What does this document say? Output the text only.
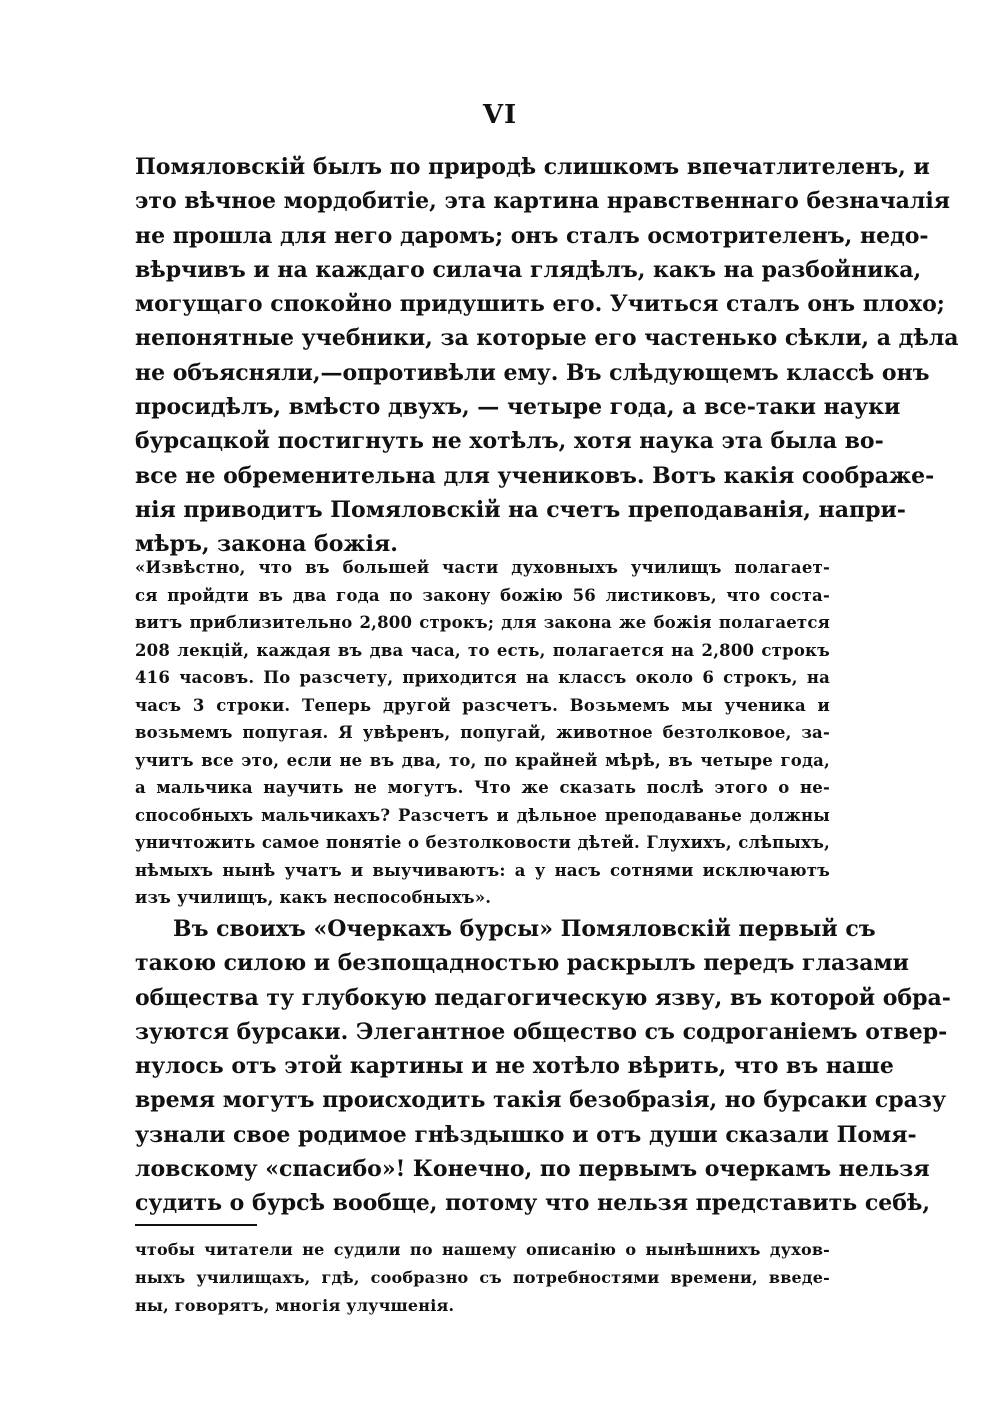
VI
Помяловскій былъ по природѣ слишкомъ впечатлителенъ, и
это вѣчное мордобитіе, эта картина нравственнаго безначалія
не прошла для него даромъ; онъ сталъ осмотрителенъ, недо-
вѣрчивъ и на каждаго силача глядѣлъ, какъ на разбойника,
могущаго спокойно придушить его. Учиться сталъ онъ плохо;
непонятные учебники, за которые его частенько сѣкли, а дѣла
не объясняли,—опротивѣли ему. Въ слѣдующемъ классѣ онъ
просидѣлъ, вмѣсто двухъ, — четыре года, а все-таки науки
бурсацкой постигнуть не хотѣлъ, хотя наука эта была во-
все не обременительна для учениковъ. Вотъ какія соображе-
нія приводитъ Помяловскій на счетъ преподаванія, напри-
мѣръ, закона божія.
«Извѣстно, что въ большей части духовныхъ училищъ полагает-
ся пройдти въ два года по закону божію 56 листиковъ, что соста-
витъ приблизительно 2,800 строкъ; для закона же божія полагается
208 лекцій, каждая въ два часа, то есть, полагается на 2,800 строкъ
416 часовъ. По разсчету, приходится на классъ около 6 строкъ, на
часъ 3 строки. Теперь другой разсчетъ. Возьмемъ мы ученика и
возьмемъ попугая. Я увѣренъ, попугай, животное безтолковое, за-
учитъ все это, если не въ два, то, по крайней мѣрѣ, въ четыре года,
а мальчика научить не могутъ. Что же сказать послѣ этого о не-
способныхъ мальчикахъ? Разсчетъ и дѣльное преподаванье должны
уничтожить самое понятіе о безтолковости дѣтей. Глухихъ, слѣпыхъ,
нѣмыхъ нынѣ учатъ и выучиваютъ: а у насъ сотнями исключаютъ
изъ училищъ, какъ неспособныхъ».
Въ своихъ «Очеркахъ бурсы» Помяловскій первый съ
такою силою и безпощадностью раскрылъ передъ глазами
общества ту глубокую педагогическую язву, въ которой обра-
зуются бурсаки. Элегантное общество съ содроганіемъ отвер-
нулось отъ этой картины и не хотѣло вѣрить, что въ наше
время могутъ происходить такія безобразія, но бурсаки сразу
узнали свое родимое гнѣздышко и отъ души сказали Помя-
ловскому «спасибо»! Конечно, по первымъ очеркамъ нельзя
судить о бурсѣ вообще, потому что нельзя представить себѣ,
чтобы читатели не судили по нашему описанію о нынѣшнихъ духов-
ныхъ училищахъ, гдѣ, сообразно съ потребностями времени, введе-
ны, говорятъ, многія улучшенія.
